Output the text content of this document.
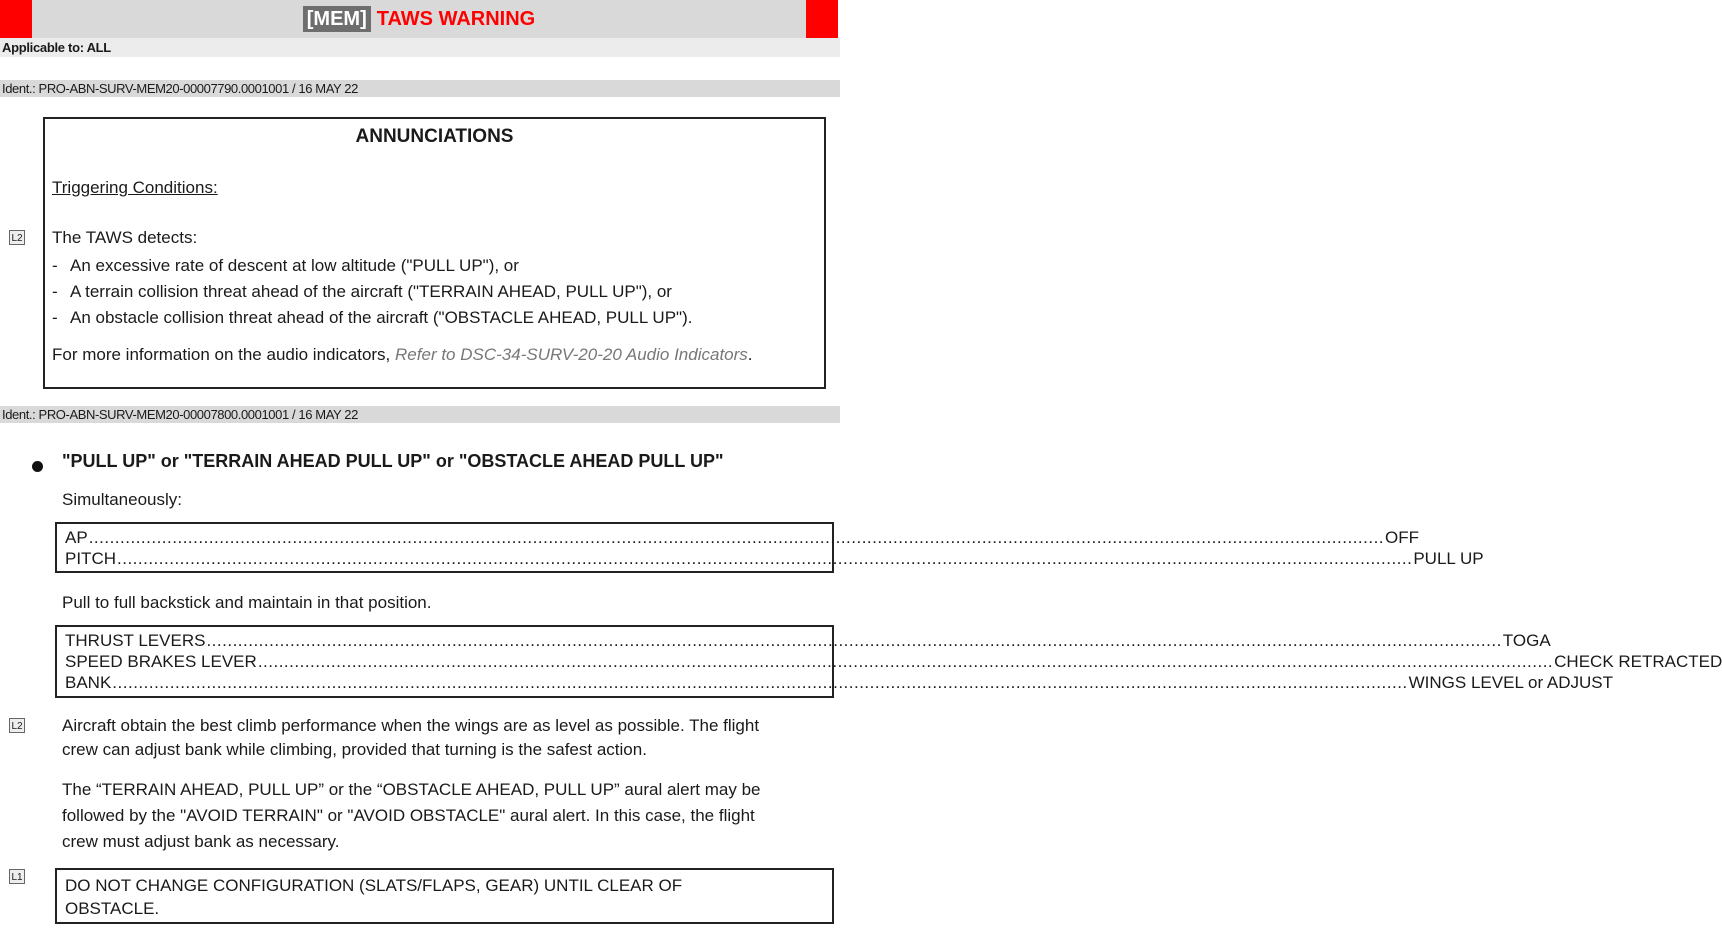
[MEM] TAWS WARNING
Applicable to: ALL
Ident.: PRO-ABN-SURV-MEM20-00007790.0001001 / 16 MAY 22
ANNUNCIATIONS
Triggering Conditions:
L2 The TAWS detects:
- An excessive rate of descent at low altitude ("PULL UP"), or
- A terrain collision threat ahead of the aircraft ("TERRAIN AHEAD, PULL UP"), or
- An obstacle collision threat ahead of the aircraft ("OBSTACLE AHEAD, PULL UP").
For more information on the audio indicators, Refer to DSC-34-SURV-20-20 Audio Indicators.
Ident.: PRO-ABN-SURV-MEM20-00007800.0001001 / 16 MAY 22
"PULL UP" or "TERRAIN AHEAD PULL UP" or "OBSTACLE AHEAD PULL UP"
Simultaneously:
AP ........................................................................................................................................................................................................................................................ OFF
PITCH ........................................................................................................................................................................................................................................................ PULL UP
Pull to full backstick and maintain in that position.
THRUST LEVERS ........................................................................................................................................................................................................................................................ TOGA
SPEED BRAKES LEVER ........................................................................................................................................................................................................................................................ CHECK RETRACTED
BANK ........................................................................................................................................................................................................................................................ WINGS LEVEL or ADJUST
L2 Aircraft obtain the best climb performance when the wings are as level as possible. The flight
crew can adjust bank while climbing, provided that turning is the safest action.
The “TERRAIN AHEAD, PULL UP” or the “OBSTACLE AHEAD, PULL UP” aural alert may be
followed by the "AVOID TERRAIN" or "AVOID OBSTACLE" aural alert. In this case, the flight
crew must adjust bank as necessary.
L1 DO NOT CHANGE CONFIGURATION (SLATS/FLAPS, GEAR) UNTIL CLEAR OF
OBSTACLE.
